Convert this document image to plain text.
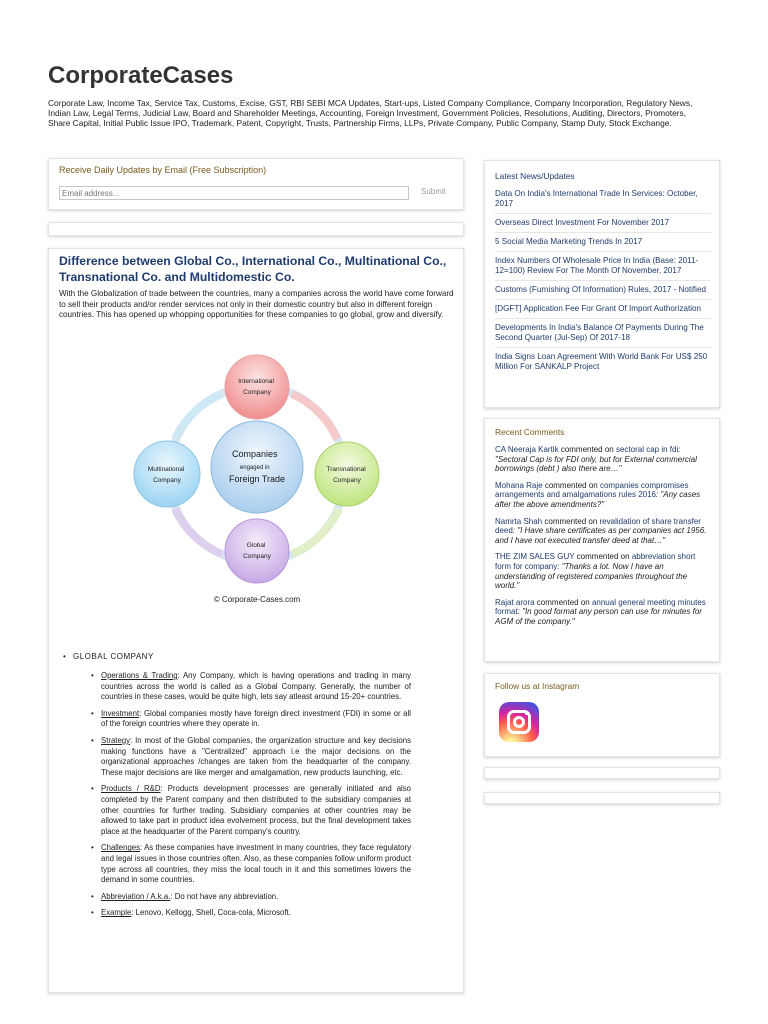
CorporateCases
Corporate Law, Income Tax, Service Tax, Customs, Excise, GST, RBI SEBI MCA Updates, Start-ups, Listed Company Compliance, Company Incorporation, Regulatory News, Indian Law, Legal Terms, Judicial Law, Board and Shareholder Meetings, Accounting, Foreign Investment, Government Policies, Resolutions, Auditing, Directors, Promoters, Share Capital, Initial Public Issue IPO, Trademark, Patent, Copyright, Trusts, Partnership Firms, LLPs, Private Company, Public Company, Stamp Duty, Stock Exchange.
Receive Daily Updates by Email (Free Subscription)
Email address...
Submit
Difference between Global Co., International Co., Multinational Co., Transnational Co. and Multidomestic Co.
With the Globalization of trade between the countries, many a companies across the world have come forward to sell their products and/or render services not only in their domestic country but also in different foreign countries. This has opened up whopping opportunities for these companies to go global, grow and diversify.
International Company
Multinational Company
Transnational Company
Global Company
Companies engaged in Foreign Trade
© Corporate-Cases.com
• GLOBAL COMPANY
• Operations & Trading: Any Company, which is having operations and trading in many countries across the world is called as a Global Company. Generally, the number of countries in these cases, would be quite high, lets say atleast around 15-20+ countries.
• Investment: Global companies mostly have foreign direct investment (FDI) in some or all of the foreign countries where they operate in.
• Strategy: In most of the Global companies, the organization structure and key decisions making functions have a "Centralized" approach i.e the major decisions on the organizational approaches /changes are taken from the headquarter of the company. These major decisions are like merger and amalgamation, new products launching, etc.
• Products / R&D: Products development processes are generally initiated and also completed by the Parent company and then distributed to the subsidiary companies at other countries for further trading. Subsidiary companies at other countries may be allowed to take part in product idea evolvement process, but the final development takes place at the headquarter of the Parent company's country.
• Challenges: As these companies have investment in many countries, they face regulatory and legal issues in those countries often. Also, as these companies follow uniform product type across all countries, they miss the local touch in it and this sometimes lowers the demand in some countries.
• Abbreviation / A.k.a.: Do not have any abbreviation.
• Example: Lenovo, Kellogg, Shell, Coca-cola, Microsoft.
Latest News/Updates
Data On India's International Trade In Services: October, 2017
Overseas Direct Investment For November 2017
5 Social Media Marketing Trends In 2017
Index Numbers Of Wholesale Price In India (Base: 2011-12=100) Review For The Month Of November, 2017
Customs (Furnishing Of Information) Rules, 2017 - Notified
[DGFT] Application Fee For Grant Of Import Authorization
Developments In India's Balance Of Payments During The Second Quarter (Jul-Sep) Of 2017-18
India Signs Loan Agreement With World Bank For US$ 250 Million For SANKALP Project
Recent Comments
CA Neeraja Kartik commented on sectoral cap in fdi: "Sectoral Cap is for FDI only, but for External commercial borrowings (debt ) also there are…"
Mohana Raje commented on companies compromises arrangements and amalgamations rules 2016: "Any cases after the above amendments?"
Namrta Shah commented on revalidation of share transfer deed: "I Have share certificates as per companies act 1956. and I have not executed transfer deed at that…"
THE ZIM SALES GUY commented on abbreviation short form for company: "Thanks a lot. Now I have an understanding of registered companies throughout the world."
Rajat arora commented on annual general meeting minutes format: "In good format any person can use for minutes for AGM of the company."
Follow us at Instagram
